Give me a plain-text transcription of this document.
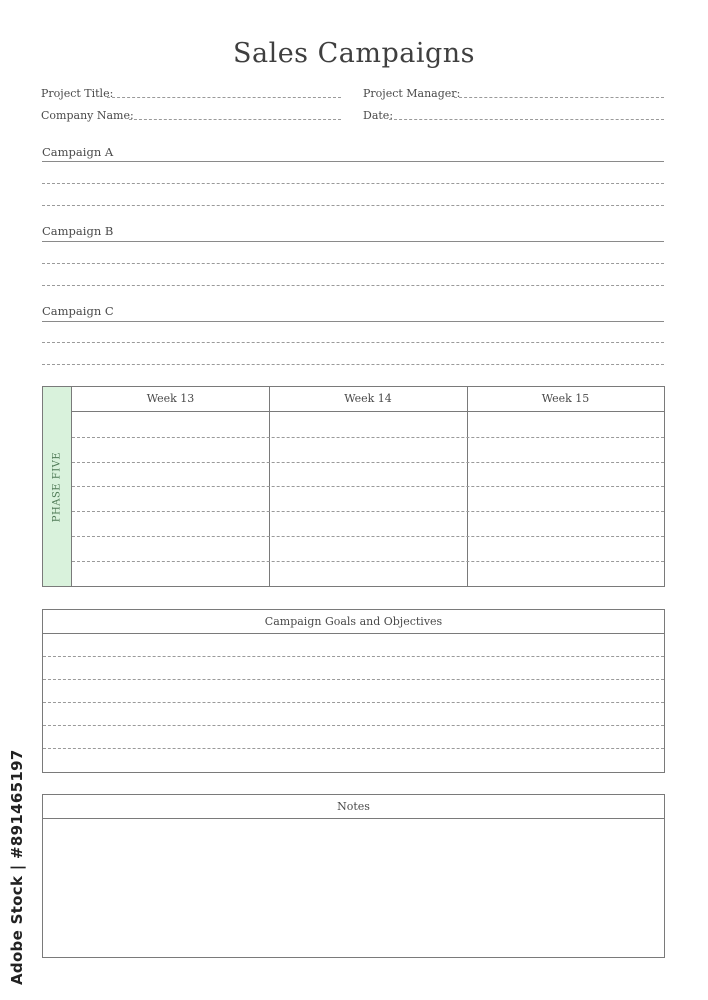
Sales Campaigns
Project Title:	Project Manager:
Company Name:	Date:
Campaign A
Campaign B
Campaign C
PHASE FIVE
Week 13	Week 14	Week 15
Campaign Goals and Objectives
Notes
Adobe Stock | #891465197
